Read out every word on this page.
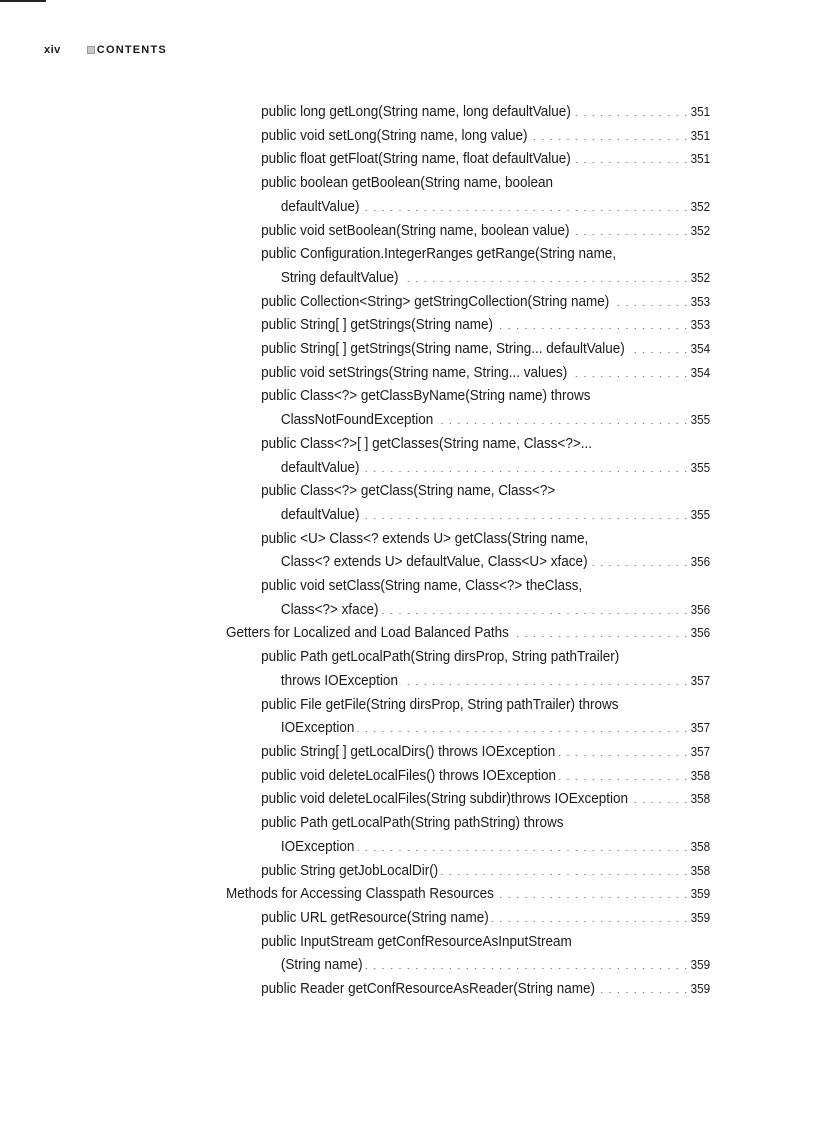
xiv	CONTENTS
public long getLong(String name, long defaultValue) . . .	351
public void setLong(String name, long value) . . .	351
public float getFloat(String name, float defaultValue) . . .	351
public boolean getBoolean(String name, boolean
defaultValue) . . .	352
public void setBoolean(String name, boolean value) . . .	352
public Configuration.IntegerRanges getRange(String name,
String defaultValue) . . .	352
public Collection<String> getStringCollection(String name) . . .	353
public String[ ] getStrings(String name) . . .	353
public String[ ] getStrings(String name, String... defaultValue) . . .	354
public void setStrings(String name, String... values) . . .	354
public Class<?> getClassByName(String name) throws
ClassNotFoundException . . .	355
public Class<?>[ ] getClasses(String name, Class<?>...
defaultValue) . . .	355
public Class<?> getClass(String name, Class<?>
defaultValue) . . .	355
public <U> Class<? extends U> getClass(String name,
Class<? extends U> defaultValue, Class<U> xface) . . .	356
public void setClass(String name, Class<?> theClass,
Class<?> xface) . . .	356
Getters for Localized and Load Balanced Paths . . .	356
public Path getLocalPath(String dirsProp, String pathTrailer)
throws IOException . . .	357
public File getFile(String dirsProp, String pathTrailer) throws
IOException . . .	357
public String[ ] getLocalDirs() throws IOException . . .	357
public void deleteLocalFiles() throws IOException . . .	358
public void deleteLocalFiles(String subdir)throws IOException . . .	358
public Path getLocalPath(String pathString) throws
IOException . . .	358
public String getJobLocalDir() . . .	358
Methods for Accessing Classpath Resources . . .	359
public URL getResource(String name) . . .	359
public InputStream getConfResourceAsInputStream
(String name) . . .	359
public Reader getConfResourceAsReader(String name) . . .	359
